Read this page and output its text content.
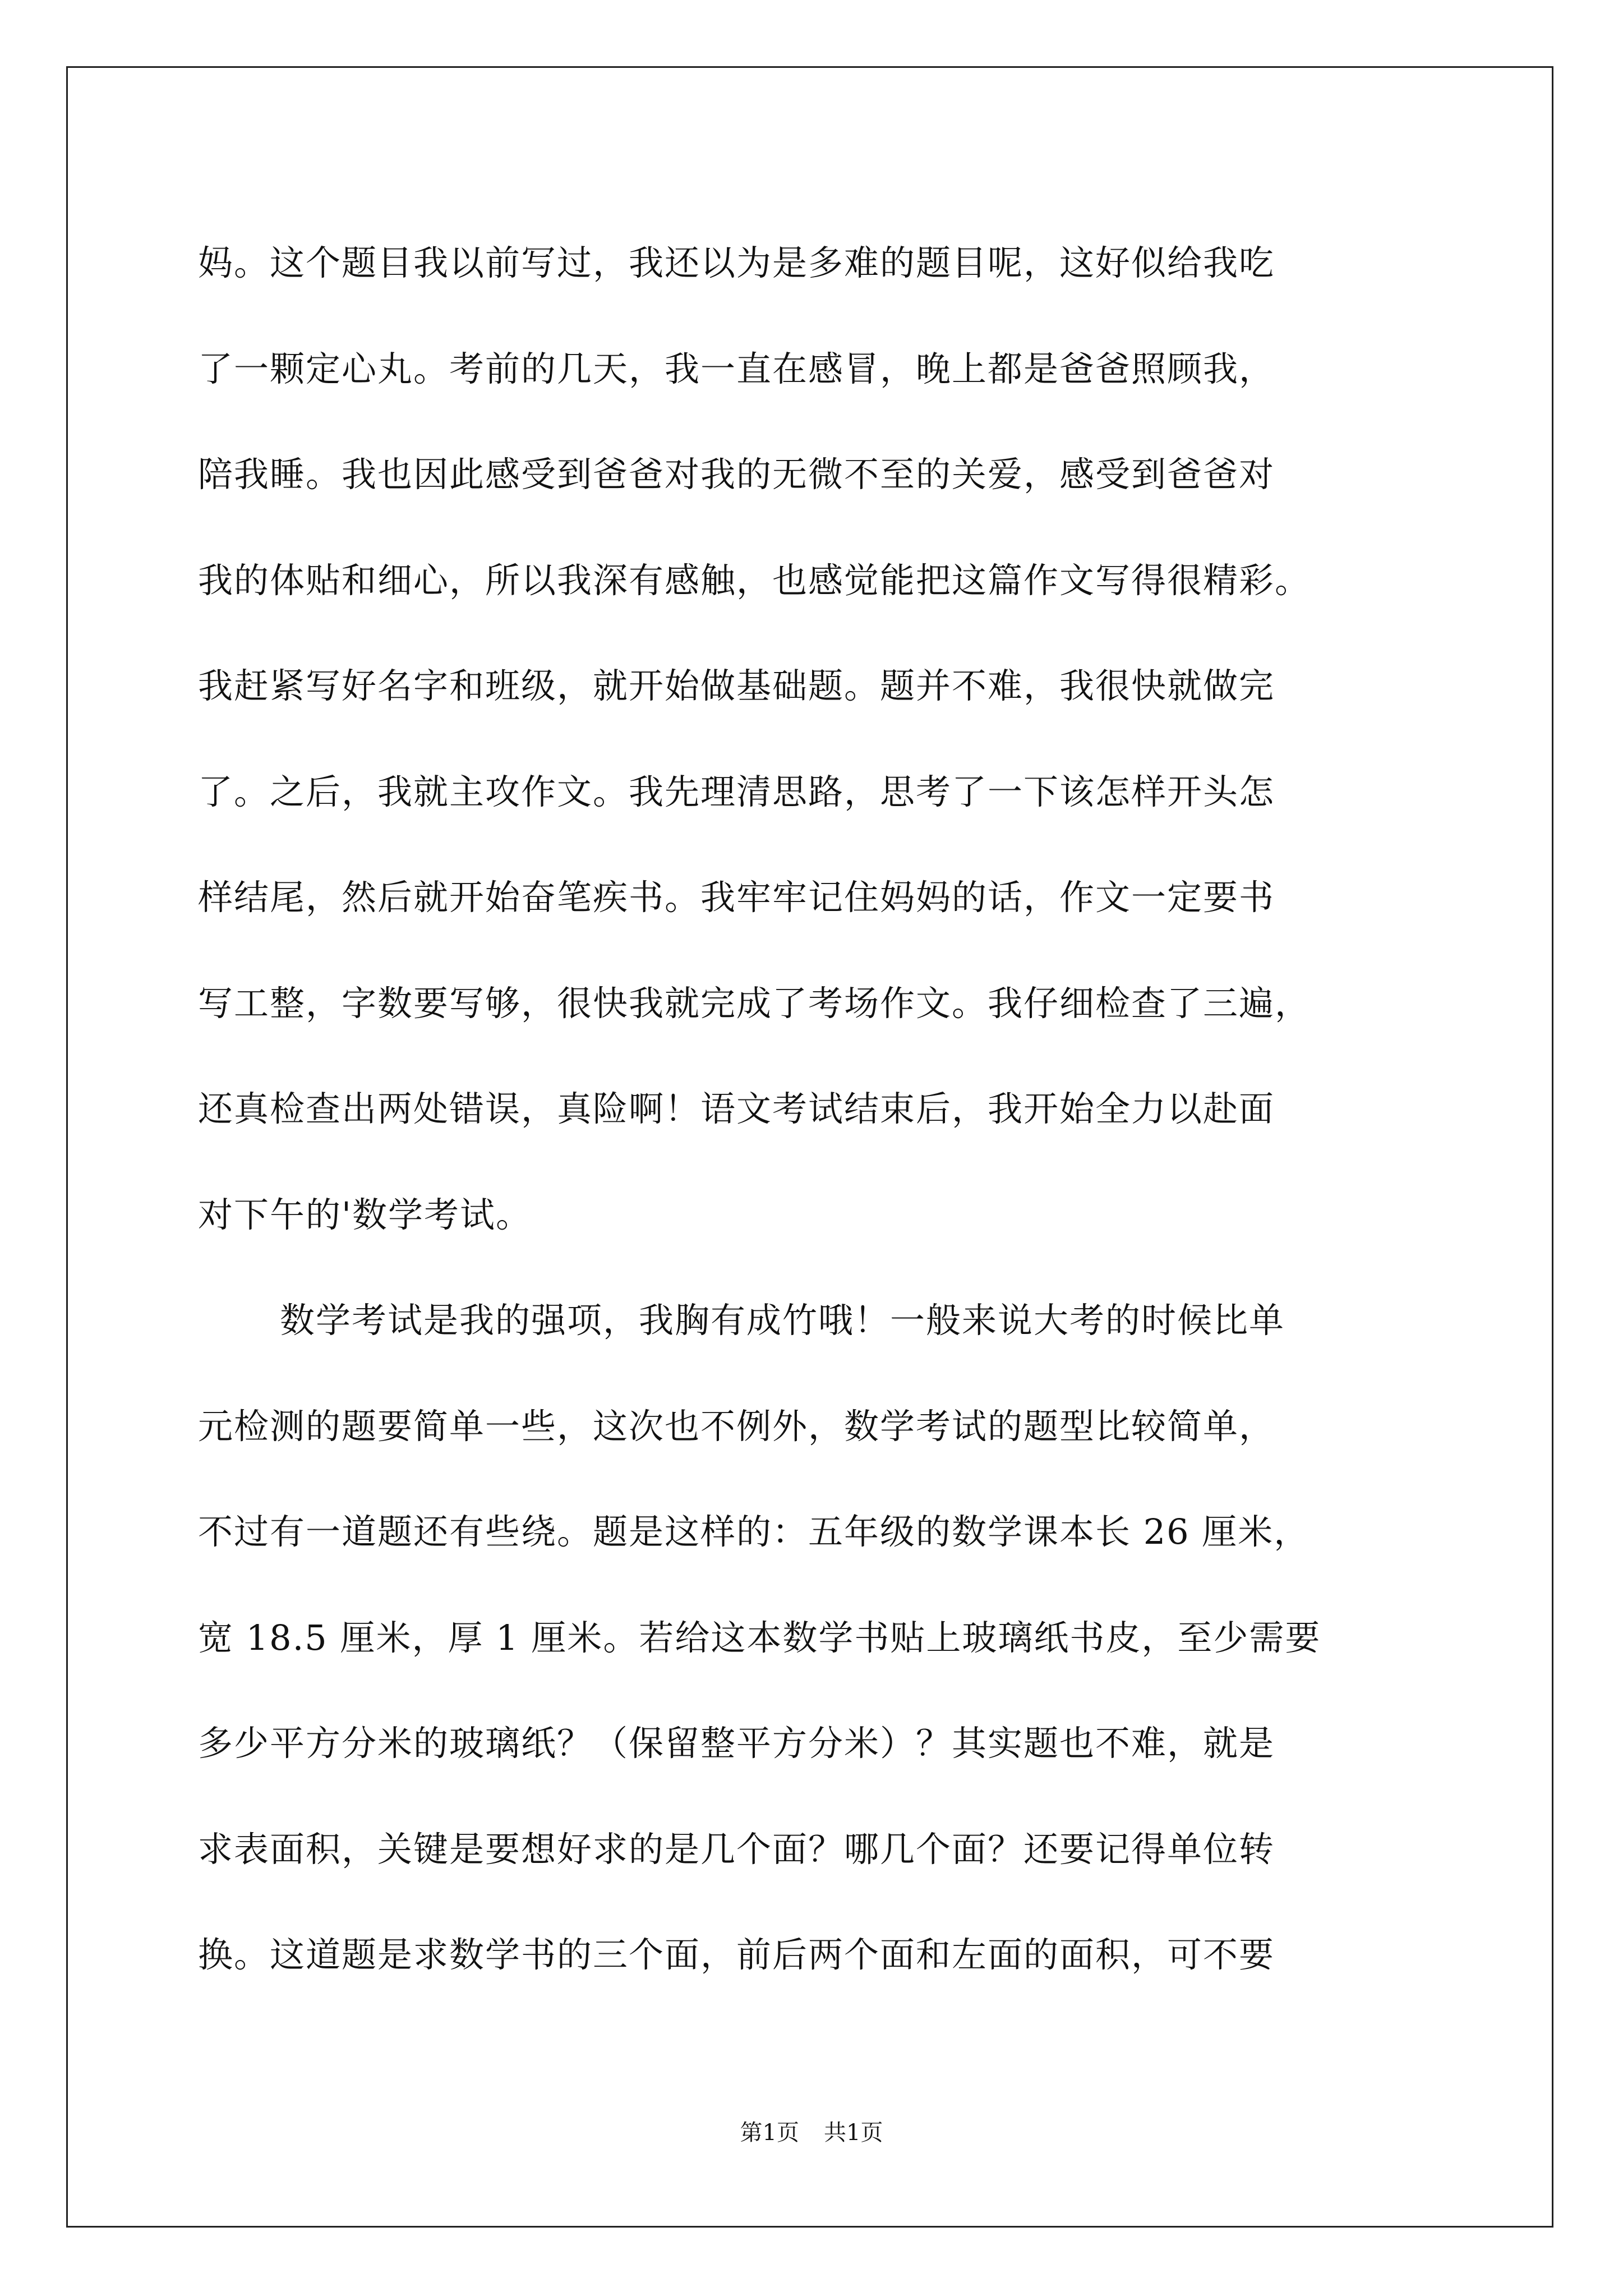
妈。这个题目我以前写过，我还以为是多难的题目呢，这好似给我吃

了一颗定心丸。考前的几天，我一直在感冒，晚上都是爸爸照顾我，

陪我睡。我也因此感受到爸爸对我的无微不至的关爱，感受到爸爸对

我的体贴和细心，所以我深有感触，也感觉能把这篇作文写得很精彩。

我赶紧写好名字和班级，就开始做基础题。题并不难，我很快就做完

了。之后，我就主攻作文。我先理清思路，思考了一下该怎样开头怎

样结尾，然后就开始奋笔疾书。我牢牢记住妈妈的话，作文一定要书

写工整，字数要写够，很快我就完成了考场作文。我仔细检查了三遍，

还真检查出两处错误，真险啊！语文考试结束后，我开始全力以赴面

对下午的'数学考试。

数学考试是我的强项，我胸有成竹哦！一般来说大考的时候比单

元检测的题要简单一些，这次也不例外，数学考试的题型比较简单，

不过有一道题还有些绕。题是这样的：五年级的数学课本长 26 厘米，

宽 18.5 厘米，厚 1 厘米。若给这本数学书贴上玻璃纸书皮，至少需要

多少平方分米的玻璃纸？（保留整平方分米）？其实题也不难，就是

求表面积，关键是要想好求的是几个面？哪几个面？还要记得单位转

换。这道题是求数学书的三个面，前后两个面和左面的面积，可不要

第1页 共1页
